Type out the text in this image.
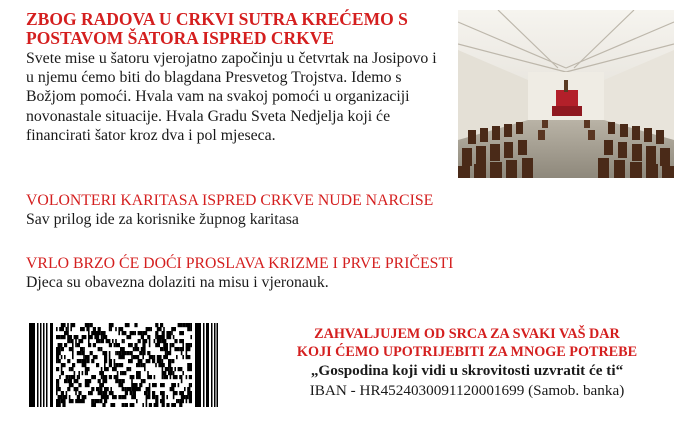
ZBOG RADOVA U CRKVI SUTRA KREĆEMO S
POSTAVOM ŠATORA ISPRED CRKVE

Svete mise u šatoru vjerojatno započinju u četvrtak na Josipovo i u njemu ćemo biti do blagdana Presvetog Trojstva. Idemo s Božjom pomoći. Hvala vam na svakoj pomoći u organizaciji novonastale situacije. Hvala Gradu Sveta Nedjelja koji će financirati šator kroz dva i pol mjeseca.

VOLONTERI KARITASA ISPRED CRKVE NUDE NARCISE
Sav prilog ide za korisnike župnog karitasa
VRLO BRZO ĆE DOĆI PROSLAVA KRIZME I PRVE PRIČESTI
Djeca su obavezna dolaziti na misu i vjeronauk.
ZAHVALJUJEM OD SRCA ZA SVAKI VAŠ DAR
KOJI ĆEMO UPOTRIJEBITI ZA MNOGE POTREBE
„Gospodina koji vidi u skrovitosti uzvratit će ti“
IBAN - HR4524030091120001699 (Samob. banka)
